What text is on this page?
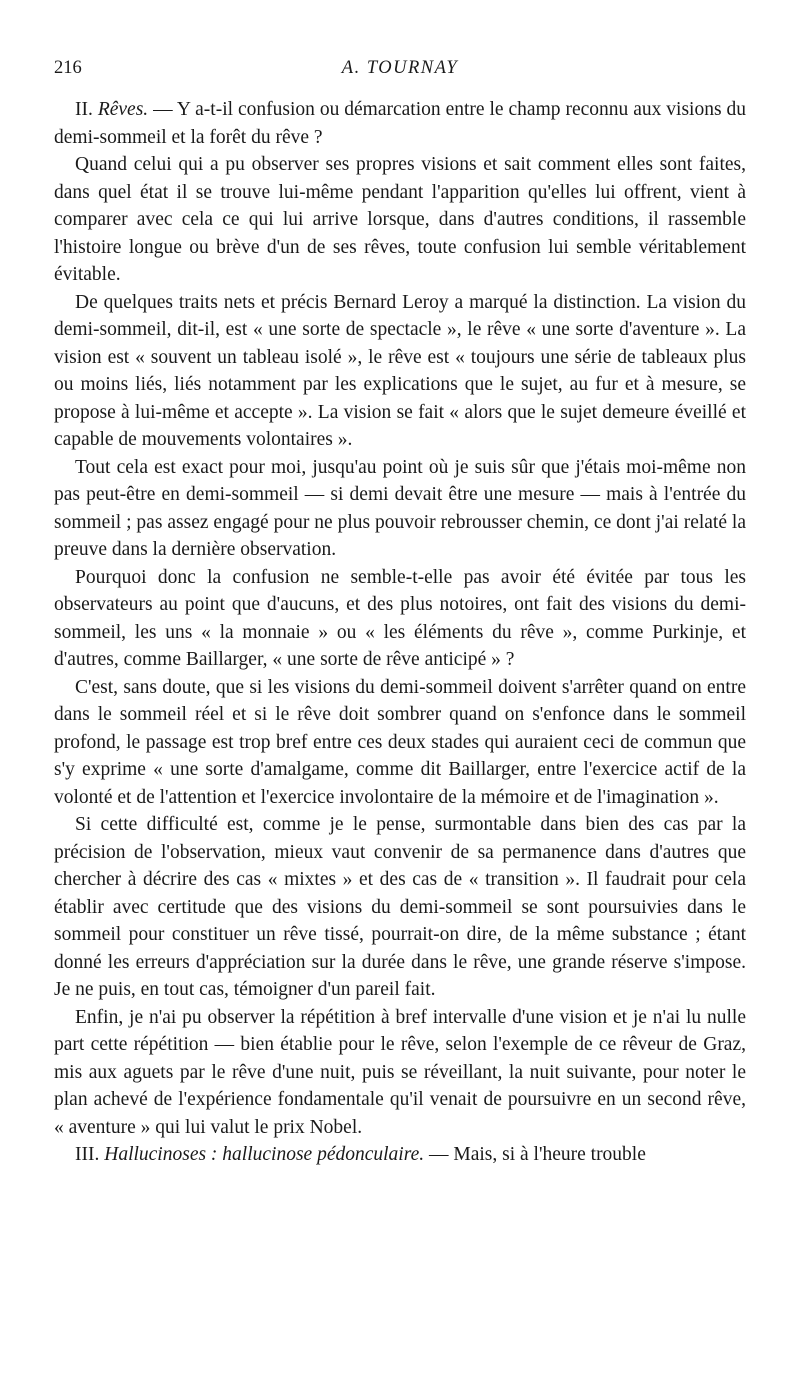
216	A. TOURNAY

II. Rêves. — Y a-t-il confusion ou démarcation entre le champ reconnu aux visions du demi-sommeil et la forêt du rêve ?

Quand celui qui a pu observer ses propres visions et sait comment elles sont faites, dans quel état il se trouve lui-même pendant l'apparition qu'elles lui offrent, vient à comparer avec cela ce qui lui arrive lorsque, dans d'autres conditions, il rassemble l'histoire longue ou brève d'un de ses rêves, toute confusion lui semble véritablement évitable.

De quelques traits nets et précis Bernard Leroy a marqué la distinction. La vision du demi-sommeil, dit-il, est « une sorte de spectacle », le rêve « une sorte d'aventure ». La vision est « souvent un tableau isolé », le rêve est « toujours une série de tableaux plus ou moins liés, liés notamment par les explications que le sujet, au fur et à mesure, se propose à lui-même et accepte ». La vision se fait « alors que le sujet demeure éveillé et capable de mouvements volontaires ».

Tout cela est exact pour moi, jusqu'au point où je suis sûr que j'étais moi-même non pas peut-être en demi-sommeil — si demi devait être une mesure — mais à l'entrée du sommeil ; pas assez engagé pour ne plus pouvoir rebrousser chemin, ce dont j'ai relaté la preuve dans la dernière observation.

Pourquoi donc la confusion ne semble-t-elle pas avoir été évitée par tous les observateurs au point que d'aucuns, et des plus notoires, ont fait des visions du demi-sommeil, les uns « la monnaie » ou « les éléments du rêve », comme Purkinje, et d'autres, comme Baillarger, « une sorte de rêve anticipé » ?

C'est, sans doute, que si les visions du demi-sommeil doivent s'arrêter quand on entre dans le sommeil réel et si le rêve doit sombrer quand on s'enfonce dans le sommeil profond, le passage est trop bref entre ces deux stades qui auraient ceci de commun que s'y exprime « une sorte d'amalgame, comme dit Baillarger, entre l'exercice actif de la volonté et de l'attention et l'exercice involontaire de la mémoire et de l'imagination ».

Si cette difficulté est, comme je le pense, surmontable dans bien des cas par la précision de l'observation, mieux vaut convenir de sa permanence dans d'autres que chercher à décrire des cas « mixtes » et des cas de « transition ». Il faudrait pour cela établir avec certitude que des visions du demi-sommeil se sont poursuivies dans le sommeil pour constituer un rêve tissé, pourrait-on dire, de la même substance ; étant donné les erreurs d'appréciation sur la durée dans le rêve, une grande réserve s'impose. Je ne puis, en tout cas, témoigner d'un pareil fait.

Enfin, je n'ai pu observer la répétition à bref intervalle d'une vision et je n'ai lu nulle part cette répétition — bien établie pour le rêve, selon l'exemple de ce rêveur de Graz, mis aux aguets par le rêve d'une nuit, puis se réveillant, la nuit suivante, pour noter le plan achevé de l'expérience fondamentale qu'il venait de poursuivre en un second rêve, « aventure » qui lui valut le prix Nobel.

III. Hallucinoses : hallucinose pédonculaire. — Mais, si à l'heure trouble
